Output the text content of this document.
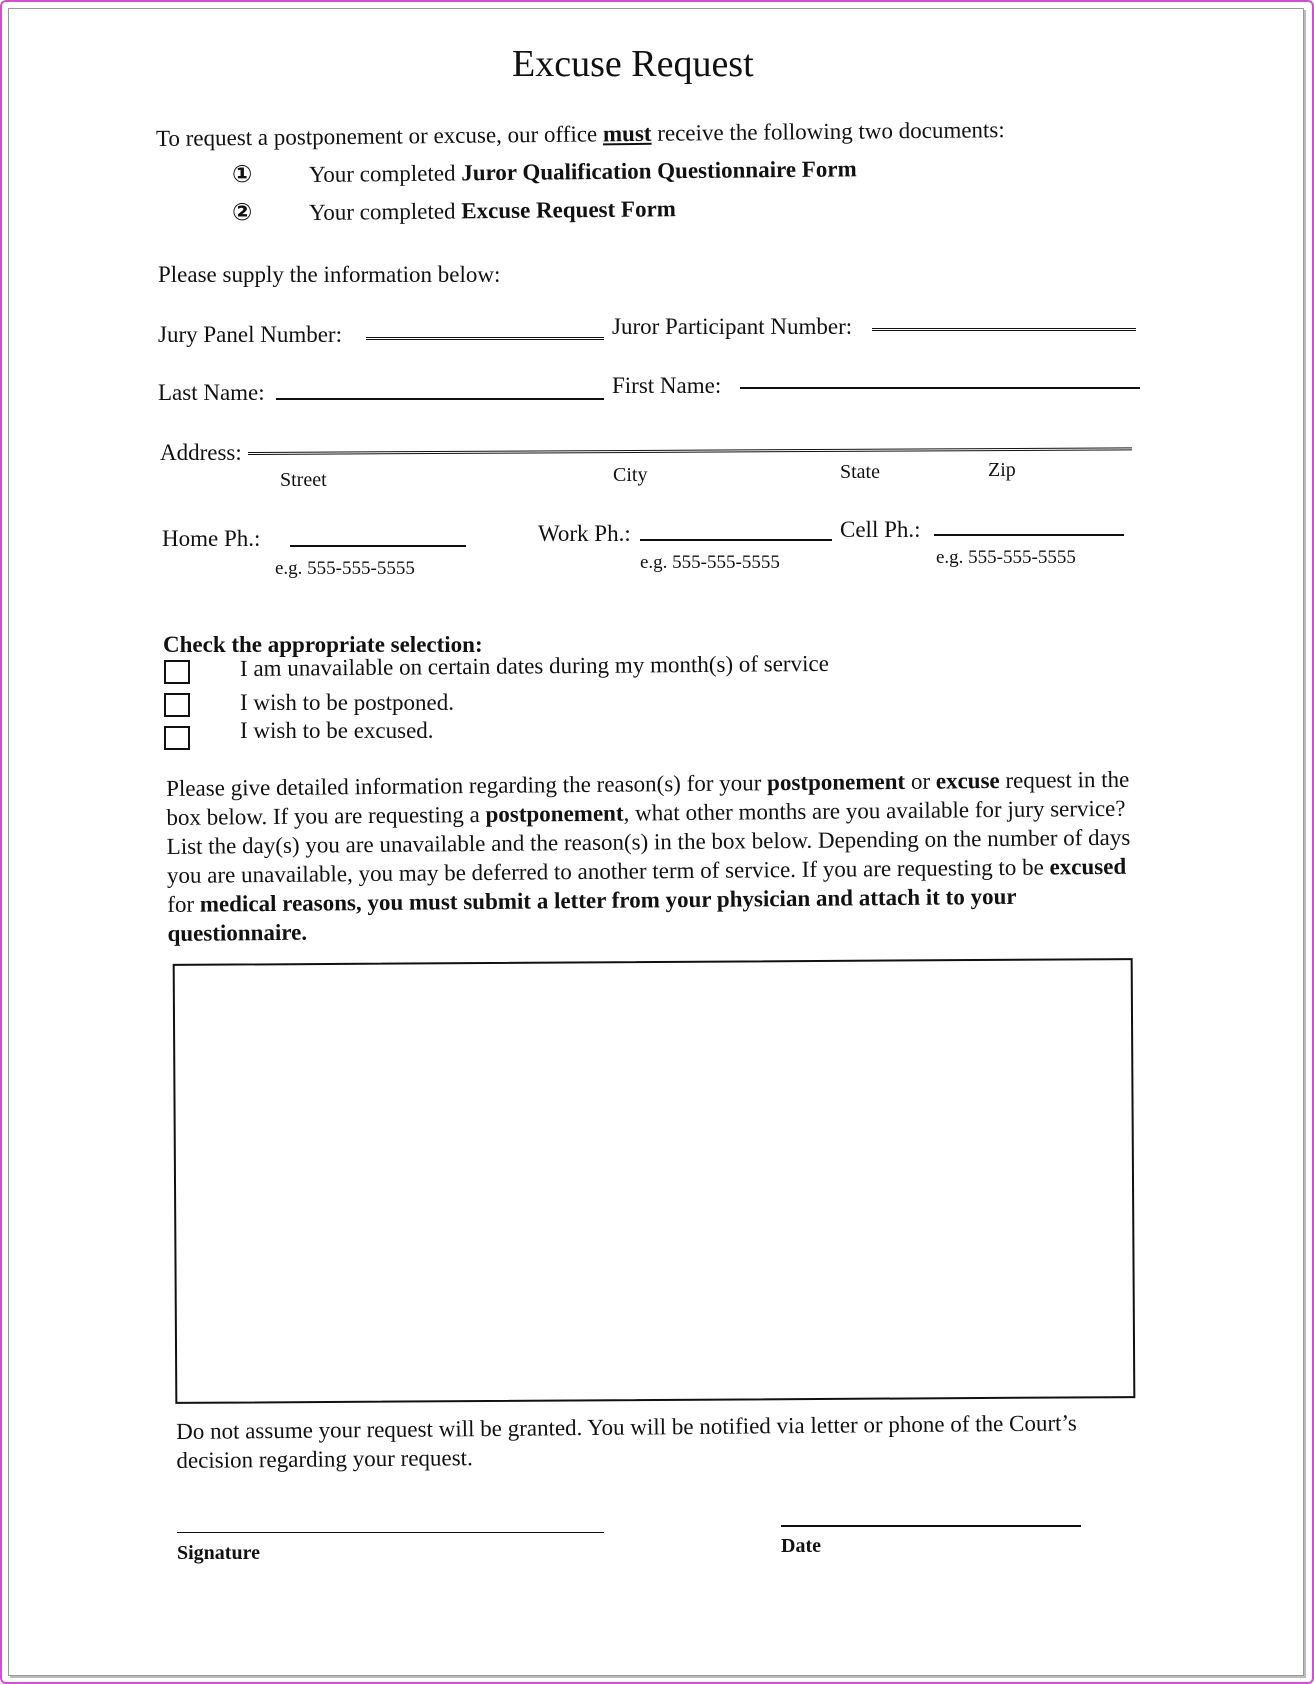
Excuse Request
To request a postponement or excuse, our office must receive the following two documents:
① Your completed Juror Qualification Questionnaire Form
② Your completed Excuse Request Form
Please supply the information below:
Jury Panel Number:	Juror Participant Number:
Last Name:	First Name:
Address:
Street	City	State	Zip
Home Ph.:
e.g. 555-555-5555
Work Ph.:
e.g. 555-555-5555
Cell Ph.:
e.g. 555-555-5555
Check the appropriate selection:
I am unavailable on certain dates during my month(s) of service
I wish to be postponed.
I wish to be excused.
Please give detailed information regarding the reason(s) for your postponement or excuse request in the box below. If you are requesting a postponement, what other months are you available for jury service? List the day(s) you are unavailable and the reason(s) in the box below. Depending on the number of days you are unavailable, you may be deferred to another term of service. If you are requesting to be excused for medical reasons, you must submit a letter from your physician and attach it to your questionnaire.
Do not assume your request will be granted. You will be notified via letter or phone of the Court’s decision regarding your request.
Signature	Date
